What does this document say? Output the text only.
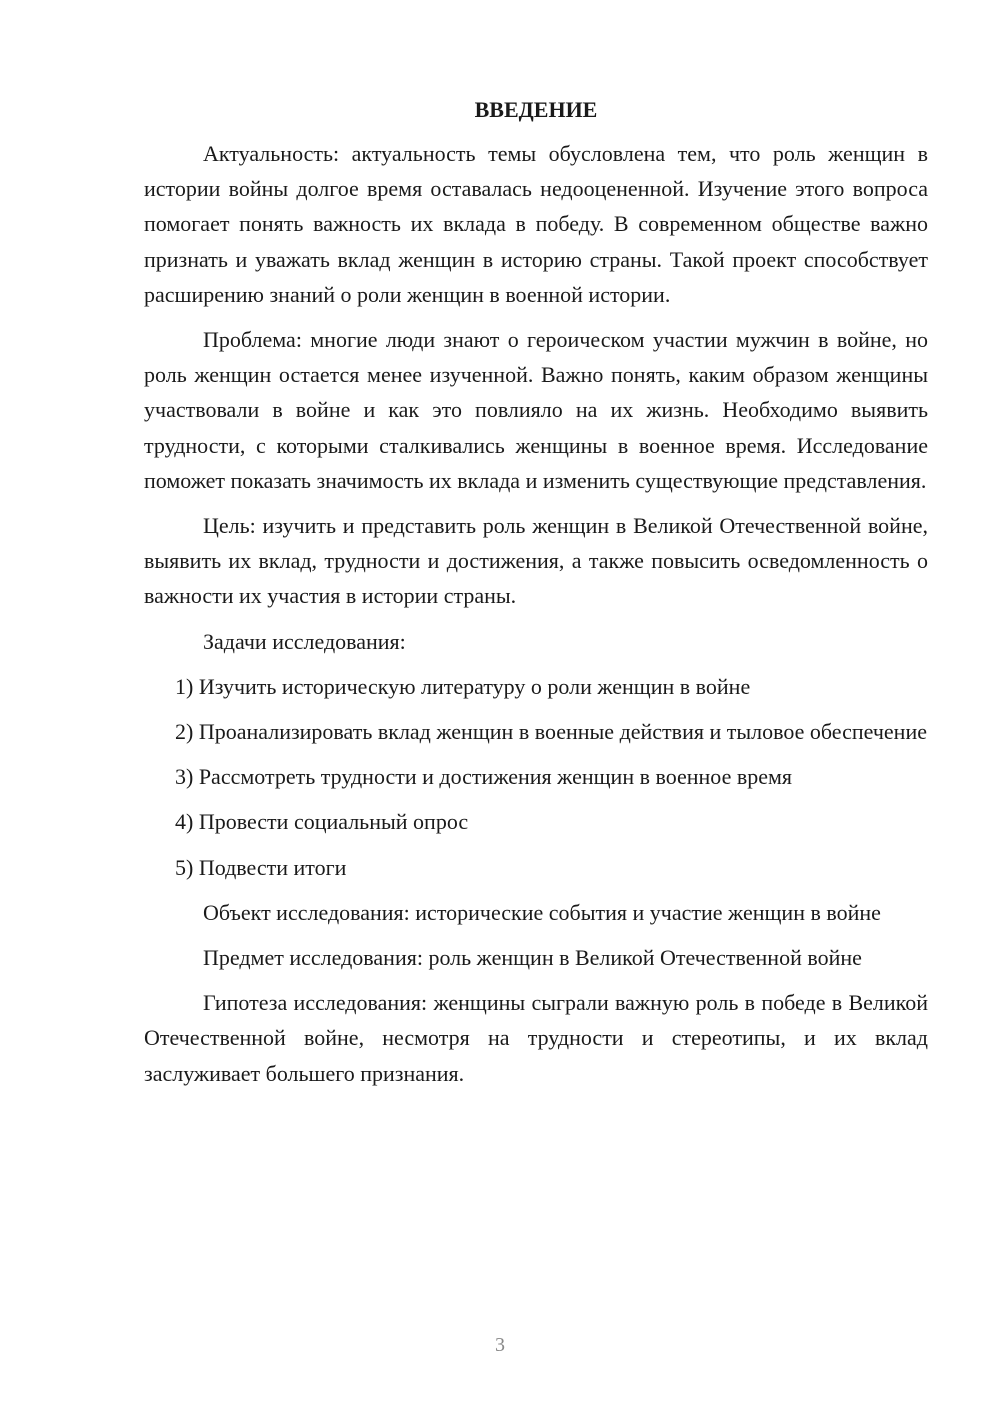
ВВЕДЕНИЕ

Актуальность: актуальность темы обусловлена тем, что роль женщин в истории войны долгое время оставалась недооцененной. Изучение этого вопроса помогает понять важность их вклада в победу. В современном обществе важно признать и уважать вклад женщин в историю страны. Такой проект способствует расширению знаний о роли женщин в военной истории.

Проблема: многие люди знают о героическом участии мужчин в войне, но роль женщин остается менее изученной. Важно понять, каким образом женщины участвовали в войне и как это повлияло на их жизнь. Необходимо выявить трудности, с которыми сталкивались женщины в военное время. Исследование поможет показать значимость их вклада и изменить существующие представления.

Цель: изучить и представить роль женщин в Великой Отечественной войне, выявить их вклад, трудности и достижения, а также повысить осведомленность о важности их участия в истории страны.

Задачи исследования:

1) Изучить историческую литературу о роли женщин в войне

2) Проанализировать вклад женщин в военные действия и тыловое обеспечение

3) Рассмотреть трудности и достижения женщин в военное время

4) Провести социальный опрос

5) Подвести итоги

Объект исследования: исторические события и участие женщин в войне

Предмет исследования: роль женщин в Великой Отечественной войне

Гипотеза исследования: женщины сыграли важную роль в победе в Великой Отечественной войне, несмотря на трудности и стереотипы, и их вклад заслуживает большего признания.

3
